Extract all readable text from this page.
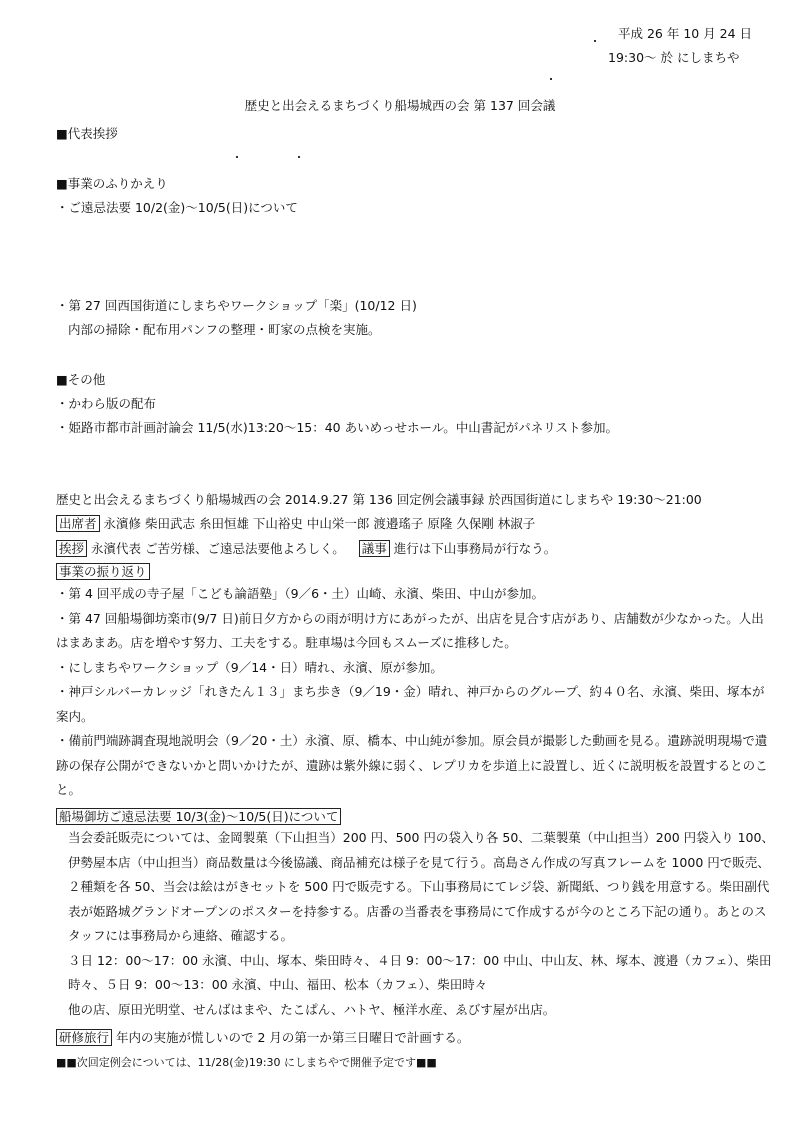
平成 26 年 10 月 24 日
19:30～ 於 にしまちや
歴史と出会えるまちづくり船場城西の会 第 137 回会議
■代表挨拶
■事業のふりかえり
・ご遠忌法要 10/2(金)～10/5(日)について
・第 27 回西国街道にしまちやワークショップ「楽」(10/12 日)
内部の掃除・配布用パンフの整理・町家の点検を実施。
■その他
・かわら版の配布
・姫路市都市計画討論会 11/5(水)13:20～15：40 あいめっせホール。中山書記がパネリスト参加。
歴史と出会えるまちづくり船場城西の会 2014.9.27 第 136 回定例会議事録 於西国街道にしまちや 19:30～21:00
出席者 永濱修 柴田武志 糸田恒雄 下山裕史 中山栄一郎 渡邉瑤子 原隆 久保剛 林淑子
挨拶 永濱代表 ご苦労様、ご遠忌法要他よろしく。 議事 進行は下山事務局が行なう。
事業の振り返り
・第 4 回平成の寺子屋「こども論語塾」（9／6・土）山崎、永濱、柴田、中山が参加。
・第 47 回船場御坊楽市(9/7 日)前日夕方からの雨が明け方にあがったが、出店を見合す店があり、店舗数が少なかった。人出はまあまあ。店を増やす努力、工夫をする。駐車場は今回もスムーズに推移した。
・にしまちやワークショップ（9／14・日）晴れ、永濱、原が参加。
・神戸シルバーカレッジ「れきたん１３」まち歩き（9／19・金）晴れ、神戸からのグループ、約４０名、永濱、柴田、塚本が案内。
・備前門端跡調査現地説明会（9／20・土）永濱、原、橋本、中山純が参加。原会員が撮影した動画を見る。遺跡説明現場で遺跡の保存公開ができないかと問いかけたが、遺跡は紫外線に弱く、レプリカを歩道上に設置し、近くに説明板を設置するとのこと。
船場御坊ご遠忌法要 10/3(金)～10/5(日)について
当会委託販売については、金岡製菓（下山担当）200 円、500 円の袋入り各 50、二葉製菓（中山担当）200 円袋入り 100、伊勢屋本店（中山担当）商品数量は今後協議、商品補充は様子を見て行う。高島さん作成の写真フレームを 1000 円で販売、２種類を各 50、当会は絵はがきセットを 500 円で販売する。下山事務局にてレジ袋、新聞紙、つり銭を用意する。柴田副代表が姫路城グランドオープンのポスターを持参する。店番の当番表を事務局にて作成するが今のところ下記の通り。あとのスタッフには事務局から連絡、確認する。
３日 12：00～17：00 永濱、中山、塚本、柴田時々、４日 9：00～17：00 中山、中山友、林、塚本、渡邉（カフェ）、柴田時々、５日 9：00～13：00 永濱、中山、福田、松本（カフェ）、柴田時々
他の店、原田光明堂、せんばはまや、たこぱん、ハトヤ、極洋水産、ゑびす屋が出店。
研修旅行 年内の実施が慌しいので 2 月の第一か第三日曜日で計画する。
■■次回定例会については、11/28(金)19:30 にしまちやで開催予定です■■
